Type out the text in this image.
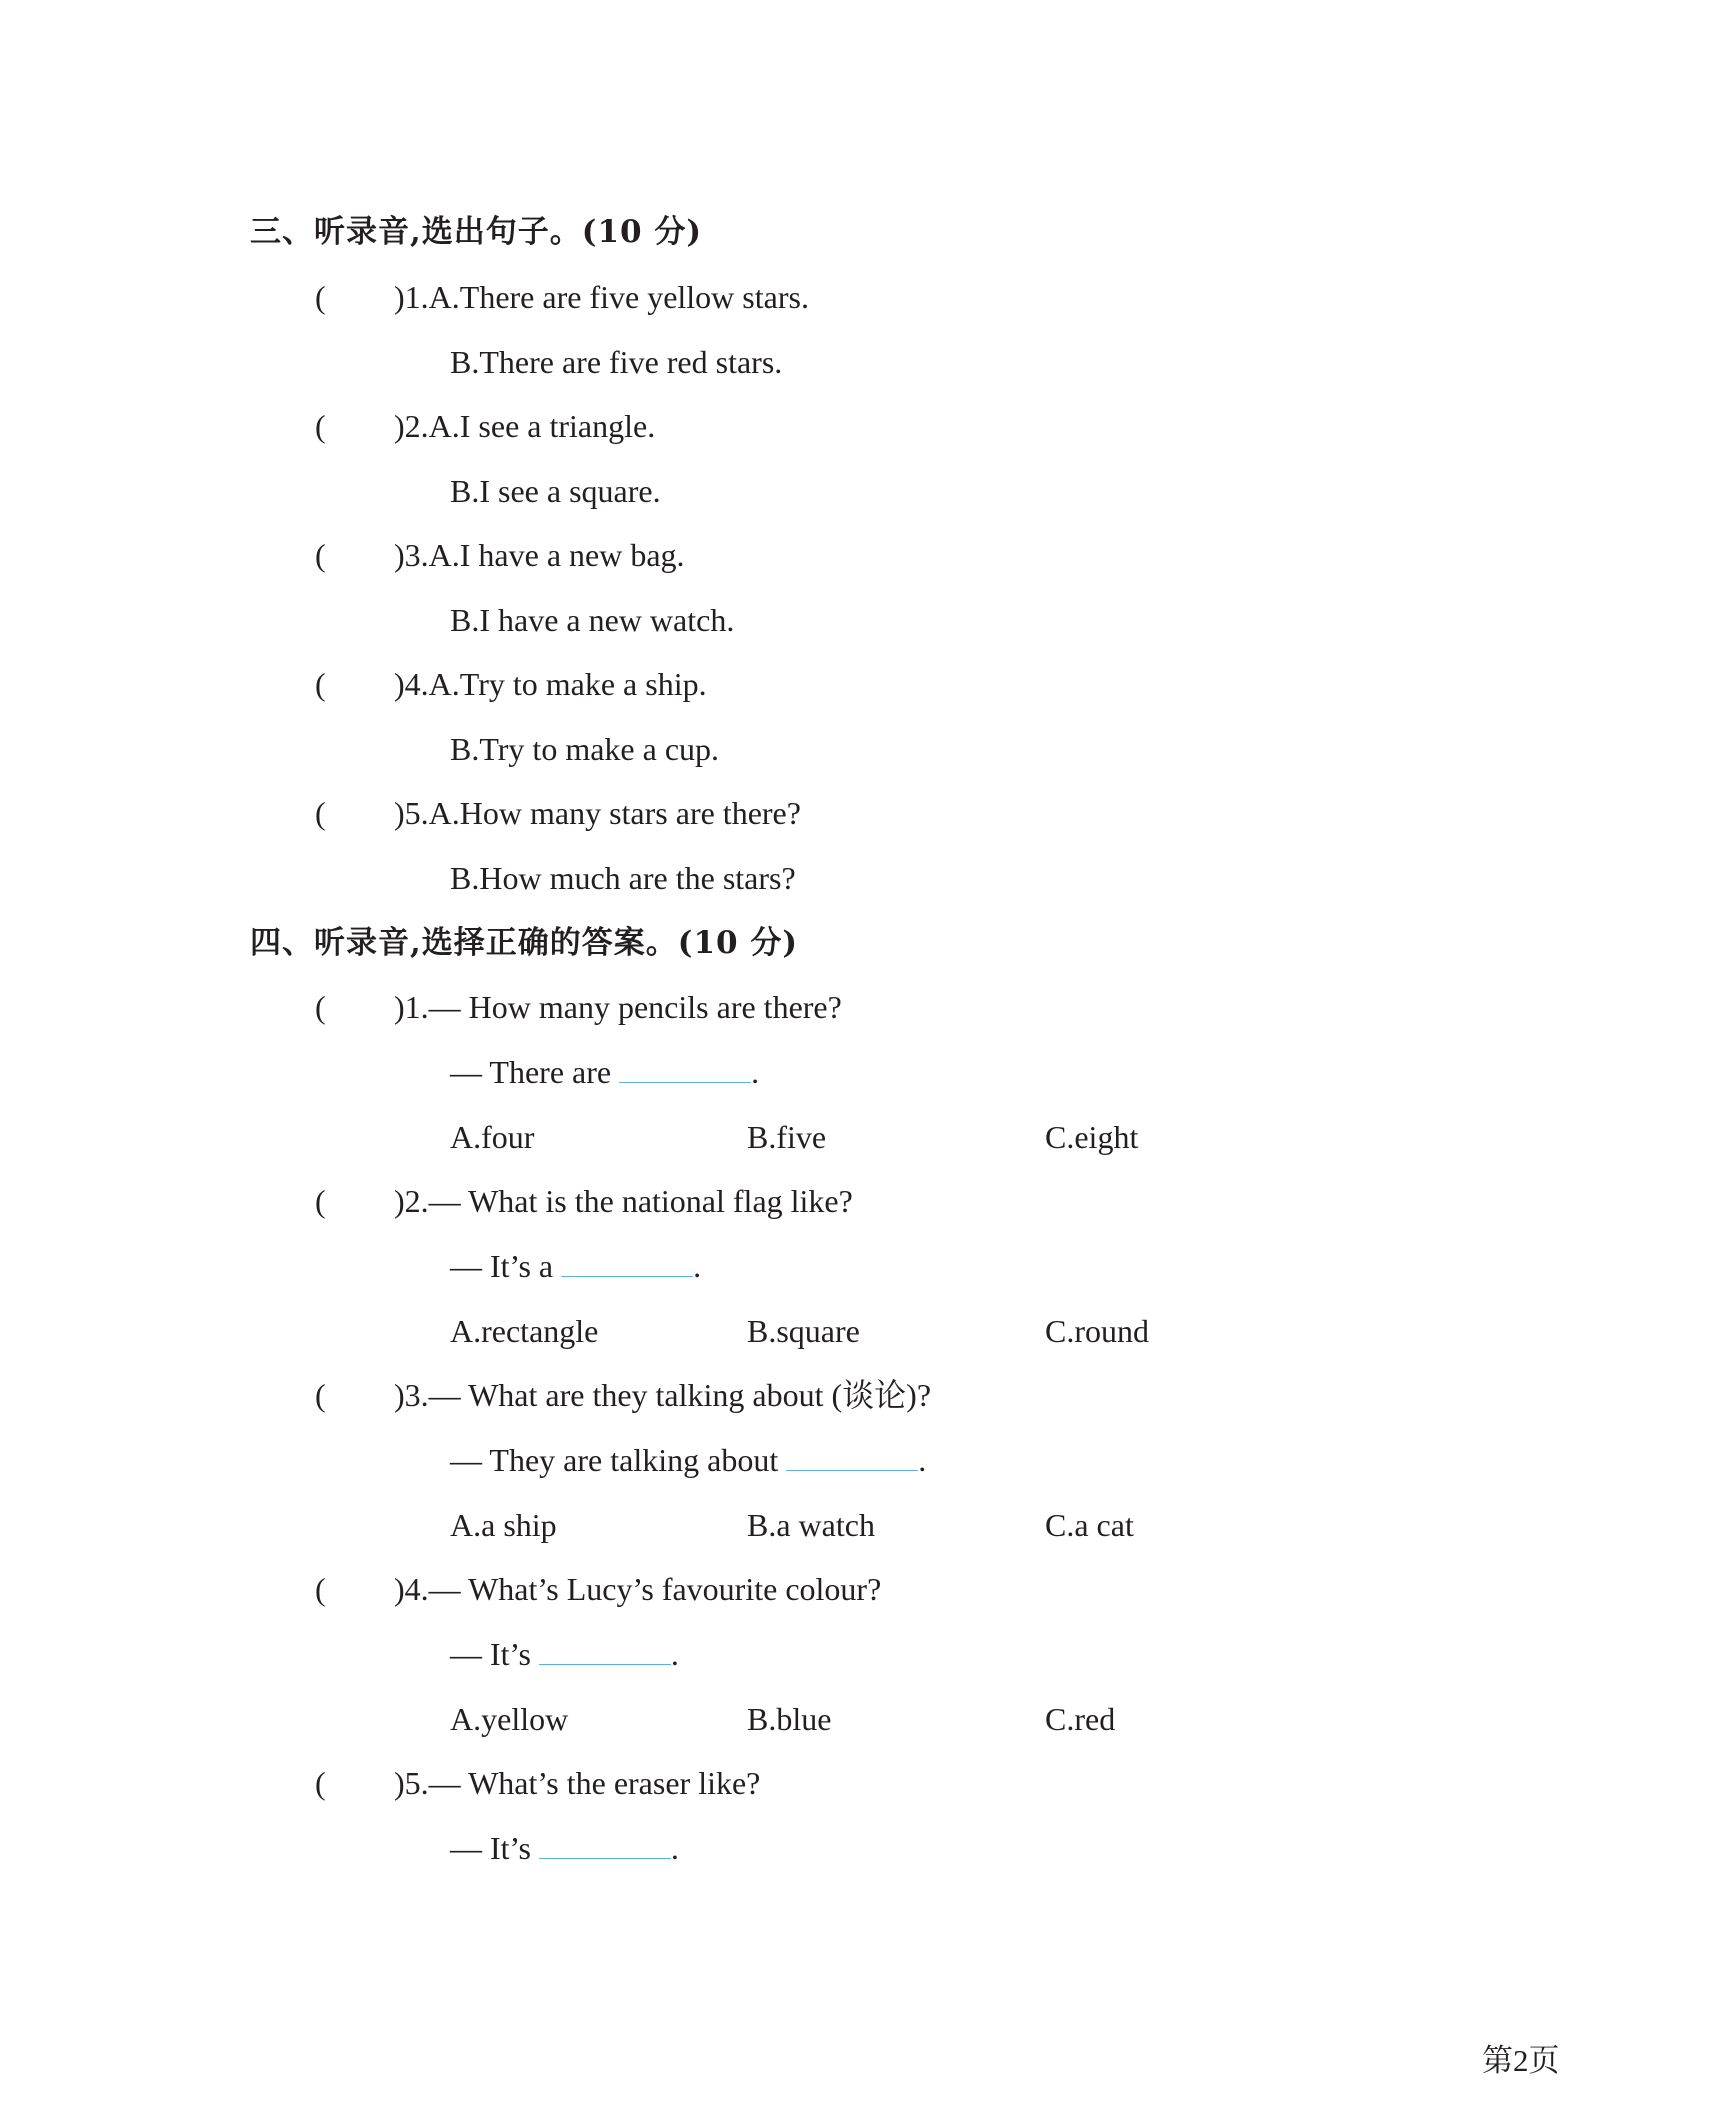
三、听录音,选出句子。(10 分)
( )1.A.There are five yellow stars.
B.There are five red stars.
( )2.A.I see a triangle.
B.I see a square.
( )3.A.I have a new bag.
B.I have a new watch.
( )4.A.Try to make a ship.
B.Try to make a cup.
( )5.A.How many stars are there?
B.How much are the stars?
四、听录音,选择正确的答案。(10 分)
( )1.— How many pencils are there?
— There are	.
A.four	B.five	C.eight
( )2.— What is the national flag like?
— It’s a	.
A.rectangle	B.square	C.round
( )3.— What are they talking about (谈论)?
— They are talking about	.
A.a ship	B.a watch	C.a cat
( )4.— What’s Lucy’s favourite colour?
— It’s	.
A.yellow	B.blue	C.red
( )5.— What’s the eraser like?
— It’s	.
第2页
